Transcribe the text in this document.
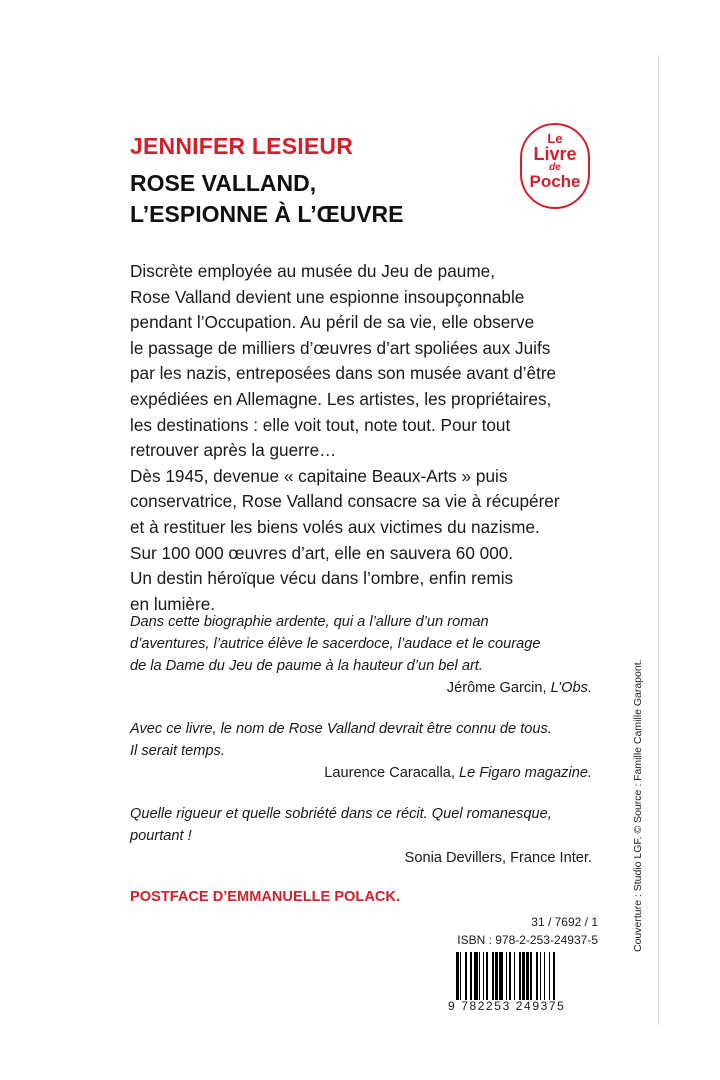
JENNIFER LESIEUR
ROSE VALLAND,
L’ESPIONNE À L’ŒUVRE
Le
Livre
de
Poche

Discrète employée au musée du Jeu de paume,

Rose Valland devient une espionne insoupçonnable

pendant l’Occupation. Au péril de sa vie, elle observe

le passage de milliers d’œuvres d’art spoliées aux Juifs

par les nazis, entreposées dans son musée avant d’être

expédiées en Allemagne. Les artistes, les propriétaires,

les destinations : elle voit tout, note tout. Pour tout

retrouver après la guerre…

Dès 1945, devenue « capitaine Beaux-Arts » puis

conservatrice, Rose Valland consacre sa vie à récupérer

et à restituer les biens volés aux victimes du nazisme.

Sur 100 000 œuvres d’art, elle en sauvera 60 000.

Un destin héroïque vécu dans l’ombre, enfin remis

en lumière.

Dans cette biographie ardente, qui a l’allure d’un roman

d’aventures, l’autrice élève le sacerdoce, l’audace et le courage

de la Dame du Jeu de paume à la hauteur d’un bel art.

Jérôme Garcin, L’Obs.

Avec ce livre, le nom de Rose Valland devrait être connu de tous.

Il serait temps.

Laurence Caracalla, Le Figaro magazine.

Quelle rigueur et quelle sobriété dans ce récit. Quel romanesque,

pourtant !

Sonia Devillers, France Inter.
POSTFACE D’EMMANUELLE POLACK.
31 / 7692 / 1
ISBN : 978-2-253-24937-5
9 782253 249375
Couverture : Studio LGF. © Source : Famille Camille Garapont.
